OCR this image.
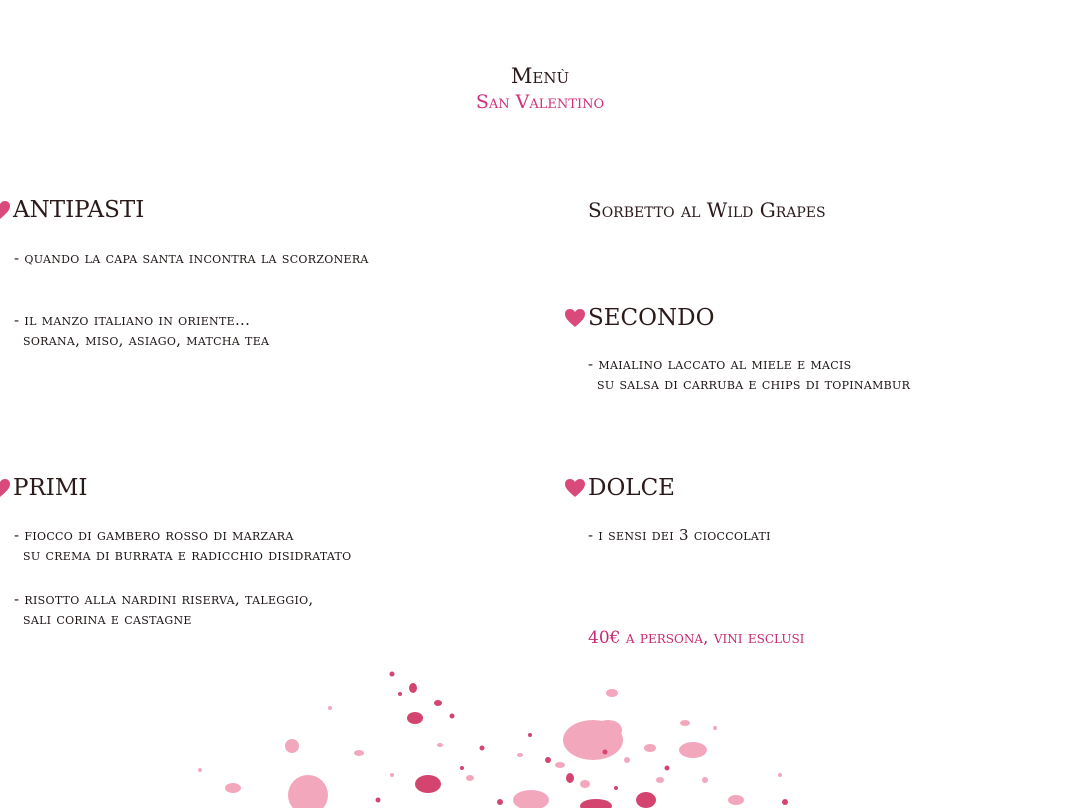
Menù
San Valentino
ANTIPASTI
- quando la capa santa incontra la scorzonera
- il manzo italiano in oriente...
sorana, miso, asiago, matcha tea
PRIMI
- fiocco di gambero rosso di marzara
su crema di burrata e radicchio disidratato
- risotto alla nardini riserva, taleggio,
sali corina e castagne
Sorbetto al Wild Grapes
SECONDO
- maialino laccato al miele e macis
su salsa di carruba e chips di topinambur
DOLCE
- i sensi dei 3 cioccolati
40€ a persona, vini esclusi
